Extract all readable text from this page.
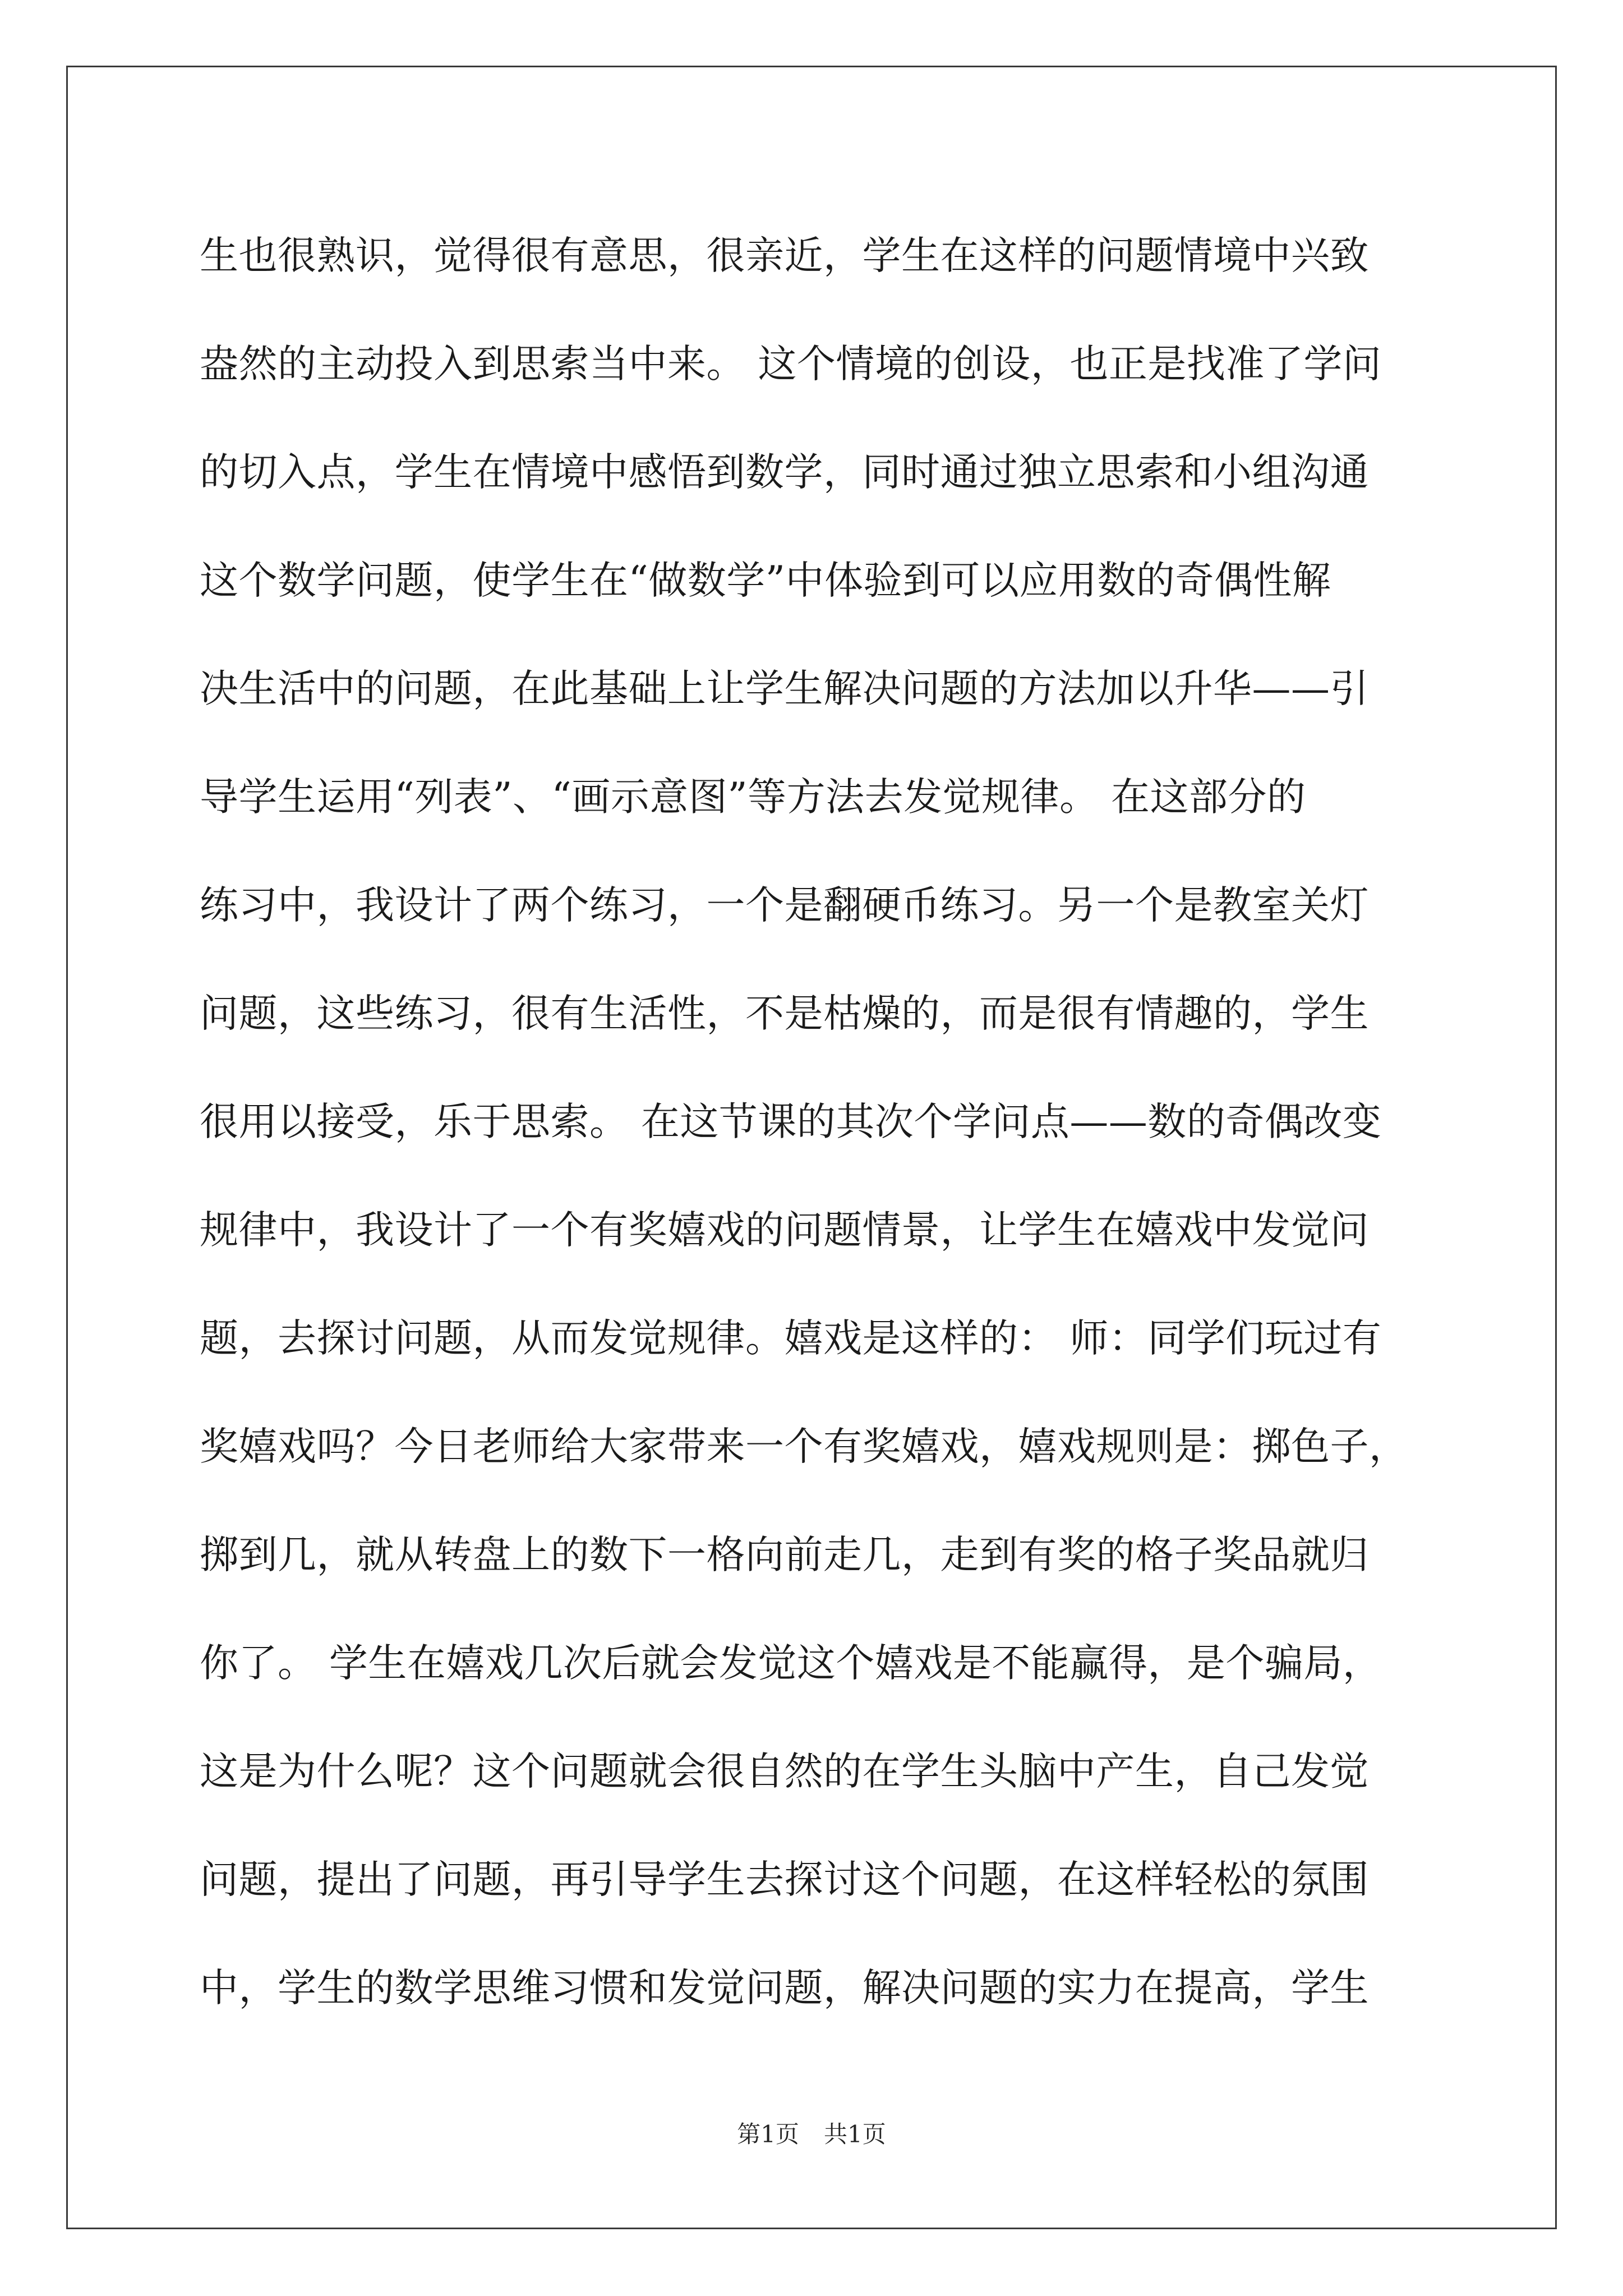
生也很熟识，觉得很有意思，很亲近，学生在这样的问题情境中兴致
盎然的主动投入到思索当中来。 这个情境的创设，也正是找准了学问
的切入点，学生在情境中感悟到数学，同时通过独立思索和小组沟通
这个数学问题，使学生在“做数学”中体验到可以应用数的奇偶性解
决生活中的问题，在此基础上让学生解决问题的方法加以升华——引
导学生运用“列表”、“画示意图”等方法去发觉规律。 在这部分的
练习中，我设计了两个练习，一个是翻硬币练习。另一个是教室关灯
问题，这些练习，很有生活性，不是枯燥的，而是很有情趣的，学生
很用以接受，乐于思索。 在这节课的其次个学问点——数的奇偶改变
规律中，我设计了一个有奖嬉戏的问题情景，让学生在嬉戏中发觉问
题，去探讨问题，从而发觉规律。嬉戏是这样的： 师：同学们玩过有
奖嬉戏吗？今日老师给大家带来一个有奖嬉戏，嬉戏规则是：掷色子，
掷到几，就从转盘上的数下一格向前走几，走到有奖的格子奖品就归
你了。 学生在嬉戏几次后就会发觉这个嬉戏是不能赢得，是个骗局，
这是为什么呢？这个问题就会很自然的在学生头脑中产生，自己发觉
问题，提出了问题，再引导学生去探讨这个问题，在这样轻松的氛围
中，学生的数学思维习惯和发觉问题，解决问题的实力在提高，学生
第1页 共1页
